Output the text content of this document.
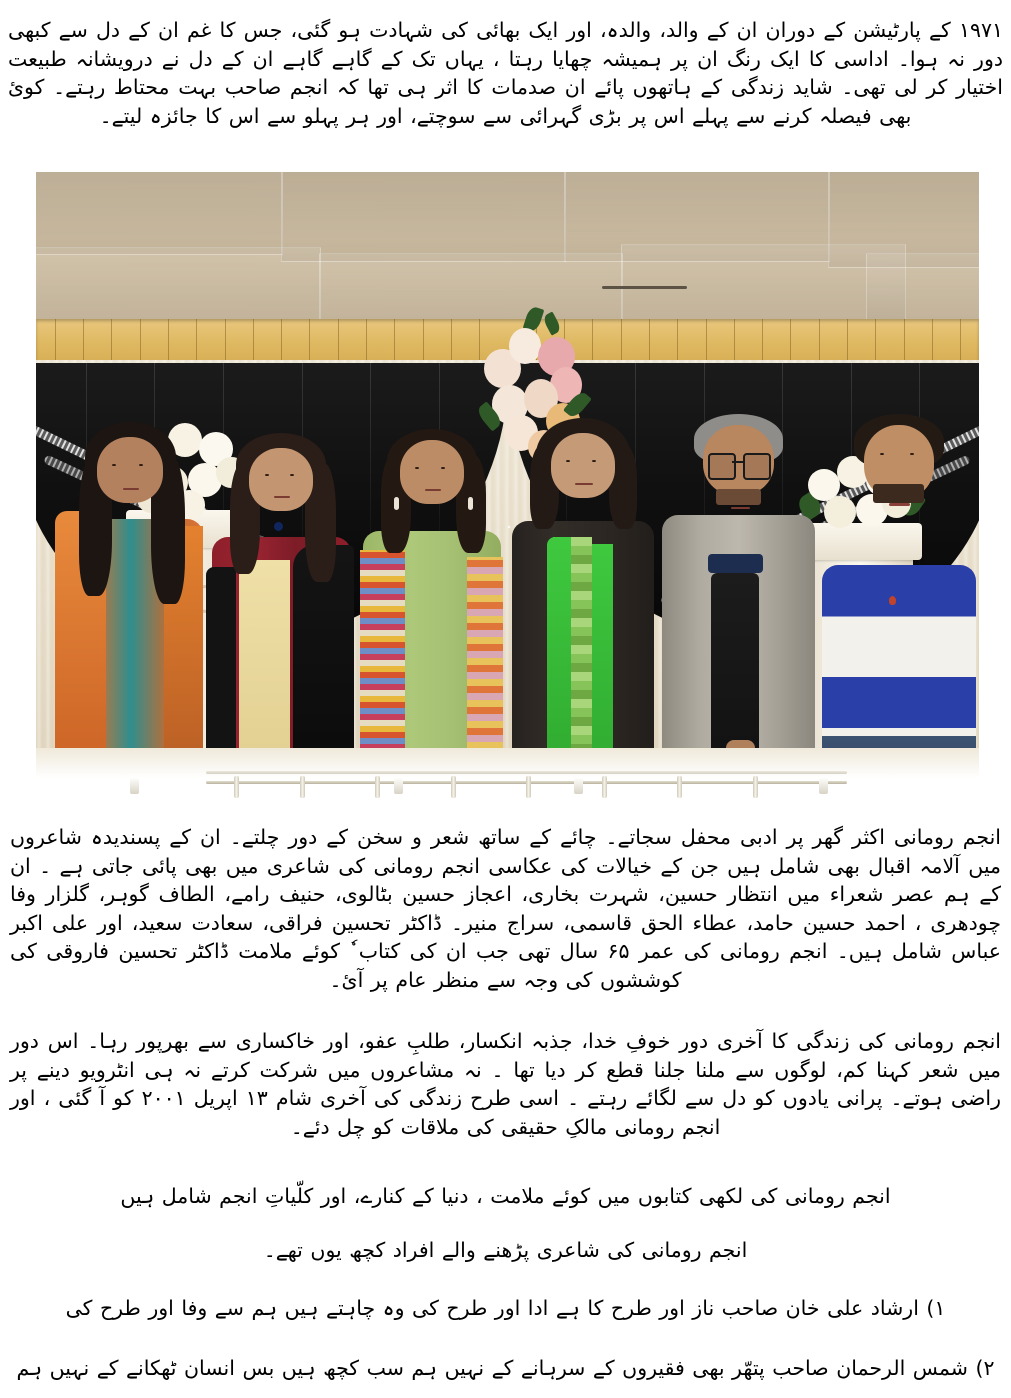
۱۹۷۱ کے پارٹیشن کے دوران ان کے والد، والدہ، اور ایک بھائی کی شہادت ہو گئی، جس کا غم ان کے دل سے کبھی دور نہ ہوا۔ اداسی کا ایک رنگ ان پر ہمیشہ چھایا رہتا ، یہاں تک کے گاہے گاہے ان کے دل نے درویشانہ طبیعت اختیار کر لی تھی۔ شاید زندگی کے ہاتھوں پائے ان صدمات کا اثر ہی تھا کہ انجم صاحب بہت محتاط رہتے۔ کوئ بھی فیصلہ کرنے سے پہلے اس پر بڑی گہرائی سے سوچتے، اور ہر پہلو سے اس کا جائزہ لیتے۔
انجم رومانی اکثر گھر پر ادبی محفل سجاتے۔ چائے کے ساتھ شعر و سخن کے دور چلتے۔ ان کے پسندیدہ شاعروں میں آلامہ اقبال بھی شامل ہیں جن کے خیالات کی عکاسی انجم رومانی کی شاعری میں بھی پائی جاتی ہے ۔ ان کے ہم عصر شعراء میں انتظار حسین، شہرت بخاری، اعجاز حسین بٹالوی، حنیف رامے، الطاف گوہر، گلزار وفا چودھری ، احمد حسین حامد، عطاء الحق قاسمی، سراج منیر۔ ڈاکٹر تحسین فراقی، سعادت سعید، اور علی اکبر عباس شامل ہیں۔ انجم رومانی کی عمر ۶۵ سال تھی جب ان کی کتاب ٗ کوئے ملامت ڈاکٹر تحسین فاروقی کی کوششوں کی وجہ سے منظر عام پر آئ۔
انجم رومانی کی زندگی کا آخری دور خوفِ خدا، جذبہ انکسار، طلبِ عفو، اور خاکساری سے بھرپور رہا۔ اس دور میں شعر کہنا کم، لوگوں سے ملنا جلنا قطع کر دیا تھا ۔ نہ مشاعروں میں شرکت کرتے نہ ہی انٹرویو دینے پر راضی ہوتے۔ پرانی یادوں کو دل سے لگائے رہتے ۔ اسی طرح زندگی کی آخری شام ۱۳ اپریل ۲۰۰۱ کو آ گئی ، اور انجم رومانی مالکِ حقیقی کی ملاقات کو چل دئے۔
انجم رومانی کی لکھی کتابوں میں کوئے ملامت ، دنیا کے کنارے، اور کلّیاتِ انجم شامل ہیں
انجم رومانی کی شاعری پڑھنے والے افراد کچھ یوں تھے۔
۱) ارشاد علی خان صاحب ناز اور طرح کا ہے ادا اور طرح کی وہ چاہتے ہیں ہم سے وفا اور طرح کی
۲) شمس الرحمان صاحب پتھّر بھی فقیروں کے سرہانے کے نہیں ہم سب کچھ ہیں بس انسان ٹھکانے کے نہیں ہم
